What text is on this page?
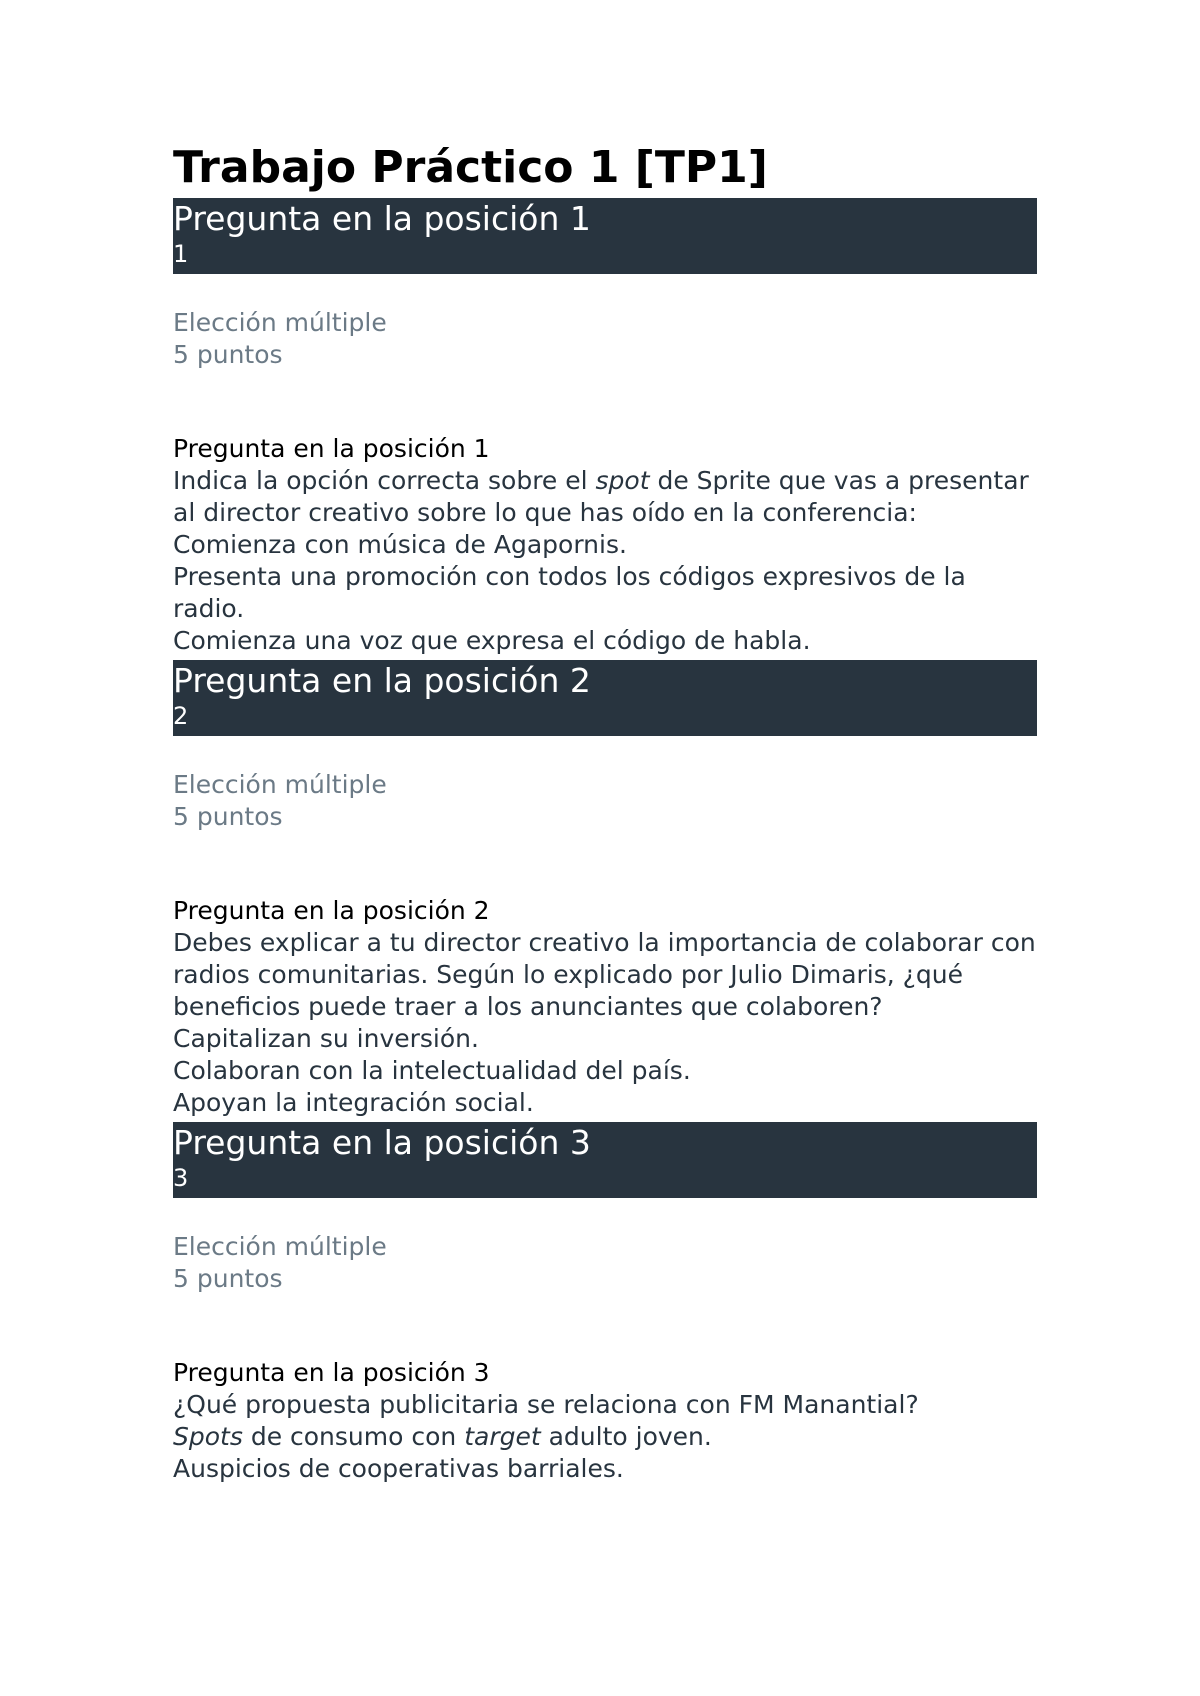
Trabajo Práctico 1 [TP1]
Pregunta en la posición 1
1
Elección múltiple
5 puntos
Pregunta en la posición 1
Indica la opción correcta sobre el spot de Sprite que vas a presentar al director creativo sobre lo que has oído en la conferencia:
Comienza con música de Agapornis.
Presenta una promoción con todos los códigos expresivos de la radio.
Comienza una voz que expresa el código de habla.
Pregunta en la posición 2
2
Elección múltiple
5 puntos
Pregunta en la posición 2
Debes explicar a tu director creativo la importancia de colaborar con radios comunitarias. Según lo explicado por Julio Dimaris, ¿qué beneficios puede traer a los anunciantes que colaboren?
Capitalizan su inversión.
Colaboran con la intelectualidad del país.
Apoyan la integración social.
Pregunta en la posición 3
3
Elección múltiple
5 puntos
Pregunta en la posición 3
¿Qué propuesta publicitaria se relaciona con FM Manantial?
Spots de consumo con target adulto joven.
Auspicios de cooperativas barriales.
